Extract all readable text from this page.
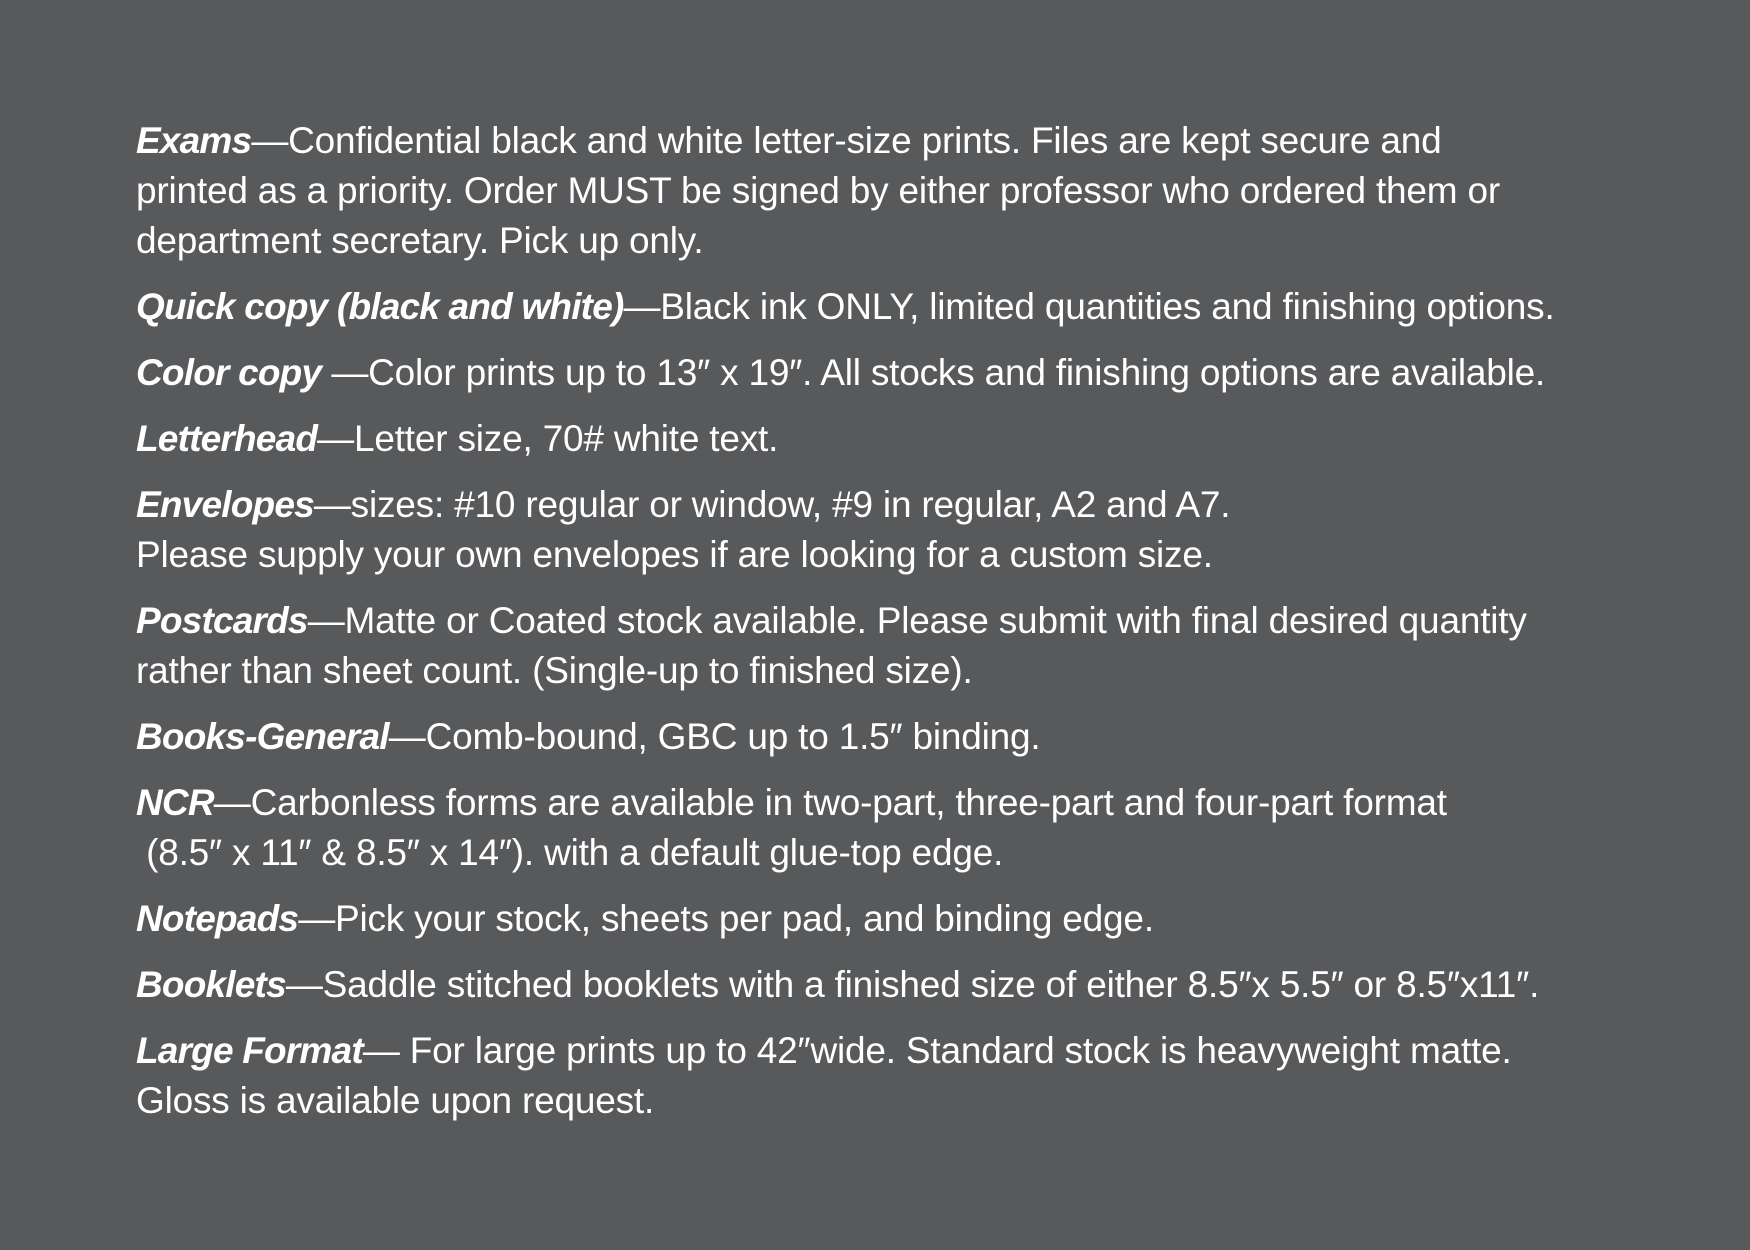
Exams—Confidential black and white letter-size prints. Files are kept secure and
printed as a priority. Order MUST be signed by either professor who ordered them or
department secretary. Pick up only.

Quick copy (black and white)—Black ink ONLY, limited quantities and finishing options.

Color copy —Color prints up to 13″ x 19″. All stocks and finishing options are available.

Letterhead—Letter size, 70# white text.

Envelopes—sizes: #10 regular or window, #9 in regular, A2 and A7.
Please supply your own envelopes if are looking for a custom size.

Postcards—Matte or Coated stock available. Please submit with final desired quantity
rather than sheet count. (Single-up to finished size).

Books-General—Comb-bound, GBC up to 1.5″ binding.

NCR—Carbonless forms are available in two-part, three-part and four-part format
(8.5″ x 11″ & 8.5″ x 14″). with a default glue-top edge.

Notepads—Pick your stock, sheets per pad, and binding edge.

Booklets—Saddle stitched booklets with a finished size of either 8.5″x 5.5″ or 8.5″x11″.

Large Format— For large prints up to 42″wide. Standard stock is heavyweight matte.
Gloss is available upon request.
